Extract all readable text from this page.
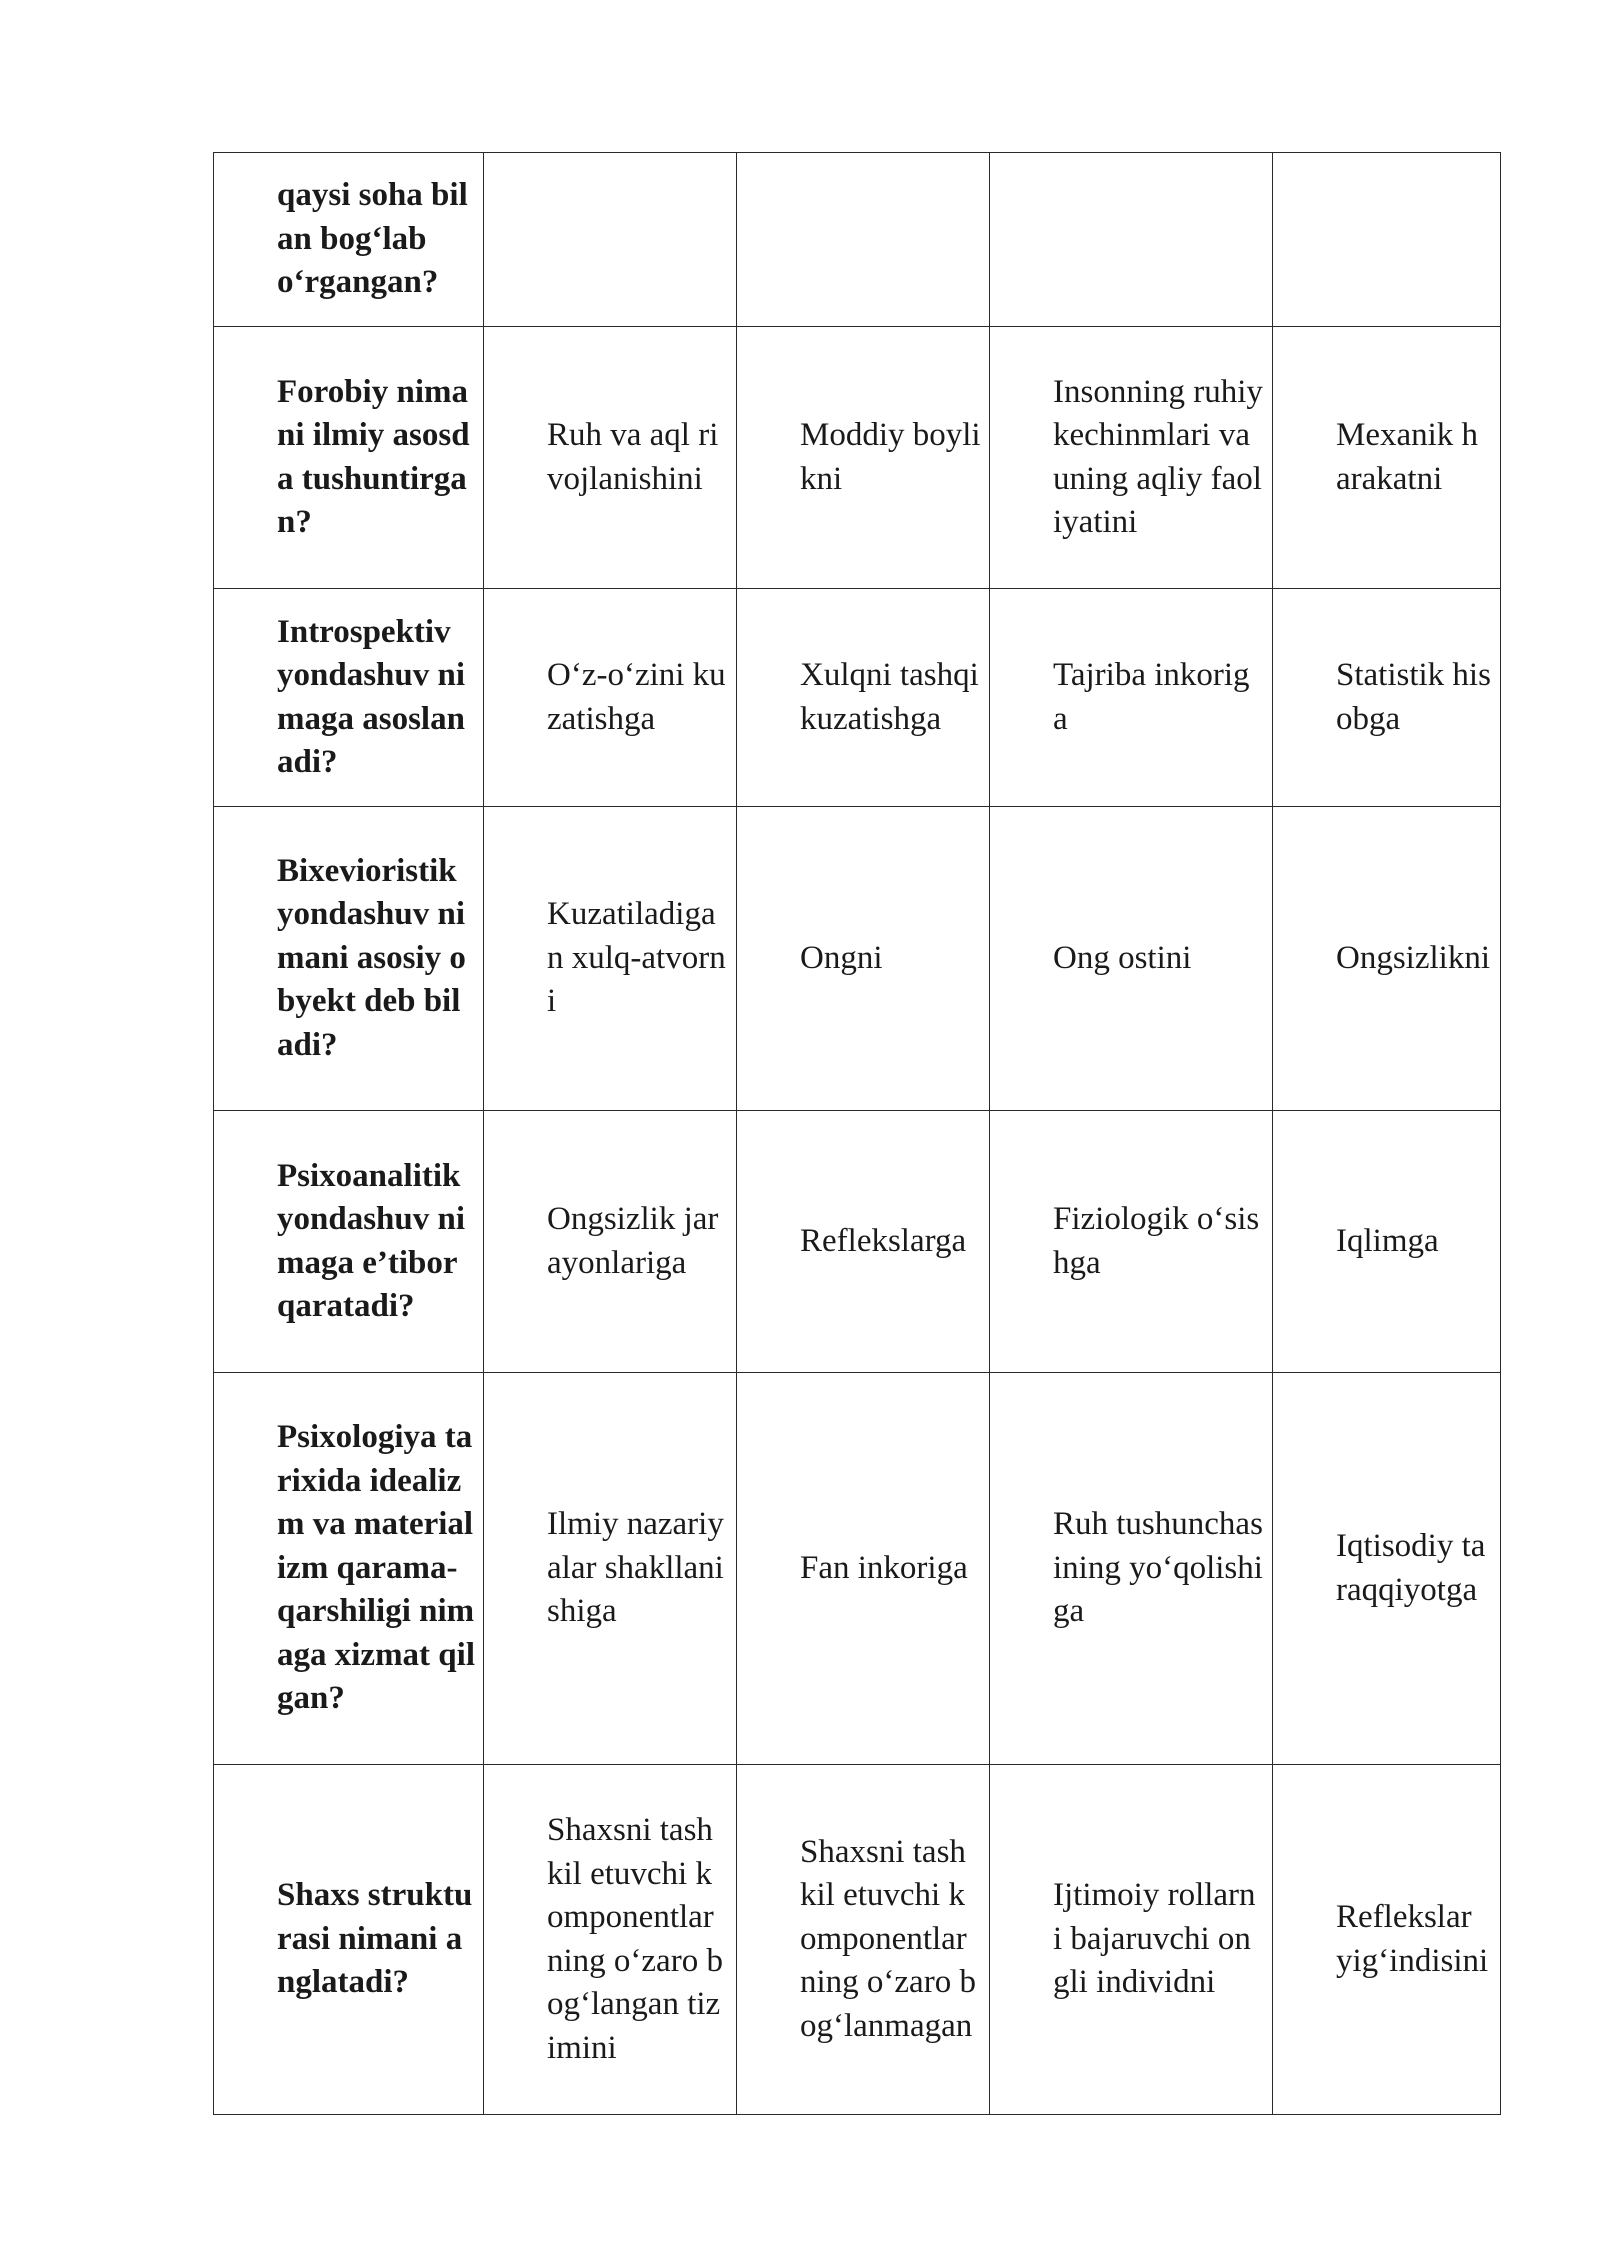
qaysi soha bilan bog‘lab o‘rgangan?				

Forobiy nimani ilmiy asosda tushuntirgan?	Ruh va aql rivojlanishini	Moddiy boylikni	Insonning ruhiy kechinmlari va uning aqliy faoliyatini	Mexanik harakatni

Introspektiv yondashuv nimaga asoslanadi?	O‘z-o‘zini kuzatishga	Xulqni tashqi kuzatishga	Tajriba inkoriga	Statistik hisobga

Bixevioristik yondashuv nimani asosiy obyekt deb biladi?	Kuzatiladigan xulq-atvorni	Ongni	Ong ostini	Ongsizlikni

Psixoanalitik yondashuv nimaga e’tibor qaratadi?	Ongsizlik jarayonlariga	Reflekslarga	Fiziologik o‘sishga	Iqlimga

Psixologiya tarixida idealizm va materializm qarama-qarshiligi nimaga xizmat qilgan?	Ilmiy nazariyalar shakllanishiga	Fan inkoriga	Ruh tushunchasining yo‘qolishiga	Iqtisodiy taraqqiyotga

Shaxs strukturasi nimani anglatadi?	Shaxsni tashkil etuvchi komponentlarning o‘zaro bog‘langan tizimini	Shaxsni tashkil etuvchi komponentlarning o‘zaro bog‘lanmagan	Ijtimoiy rollarni bajaruvchi ongli individni	Reflekslar yig‘indisini
